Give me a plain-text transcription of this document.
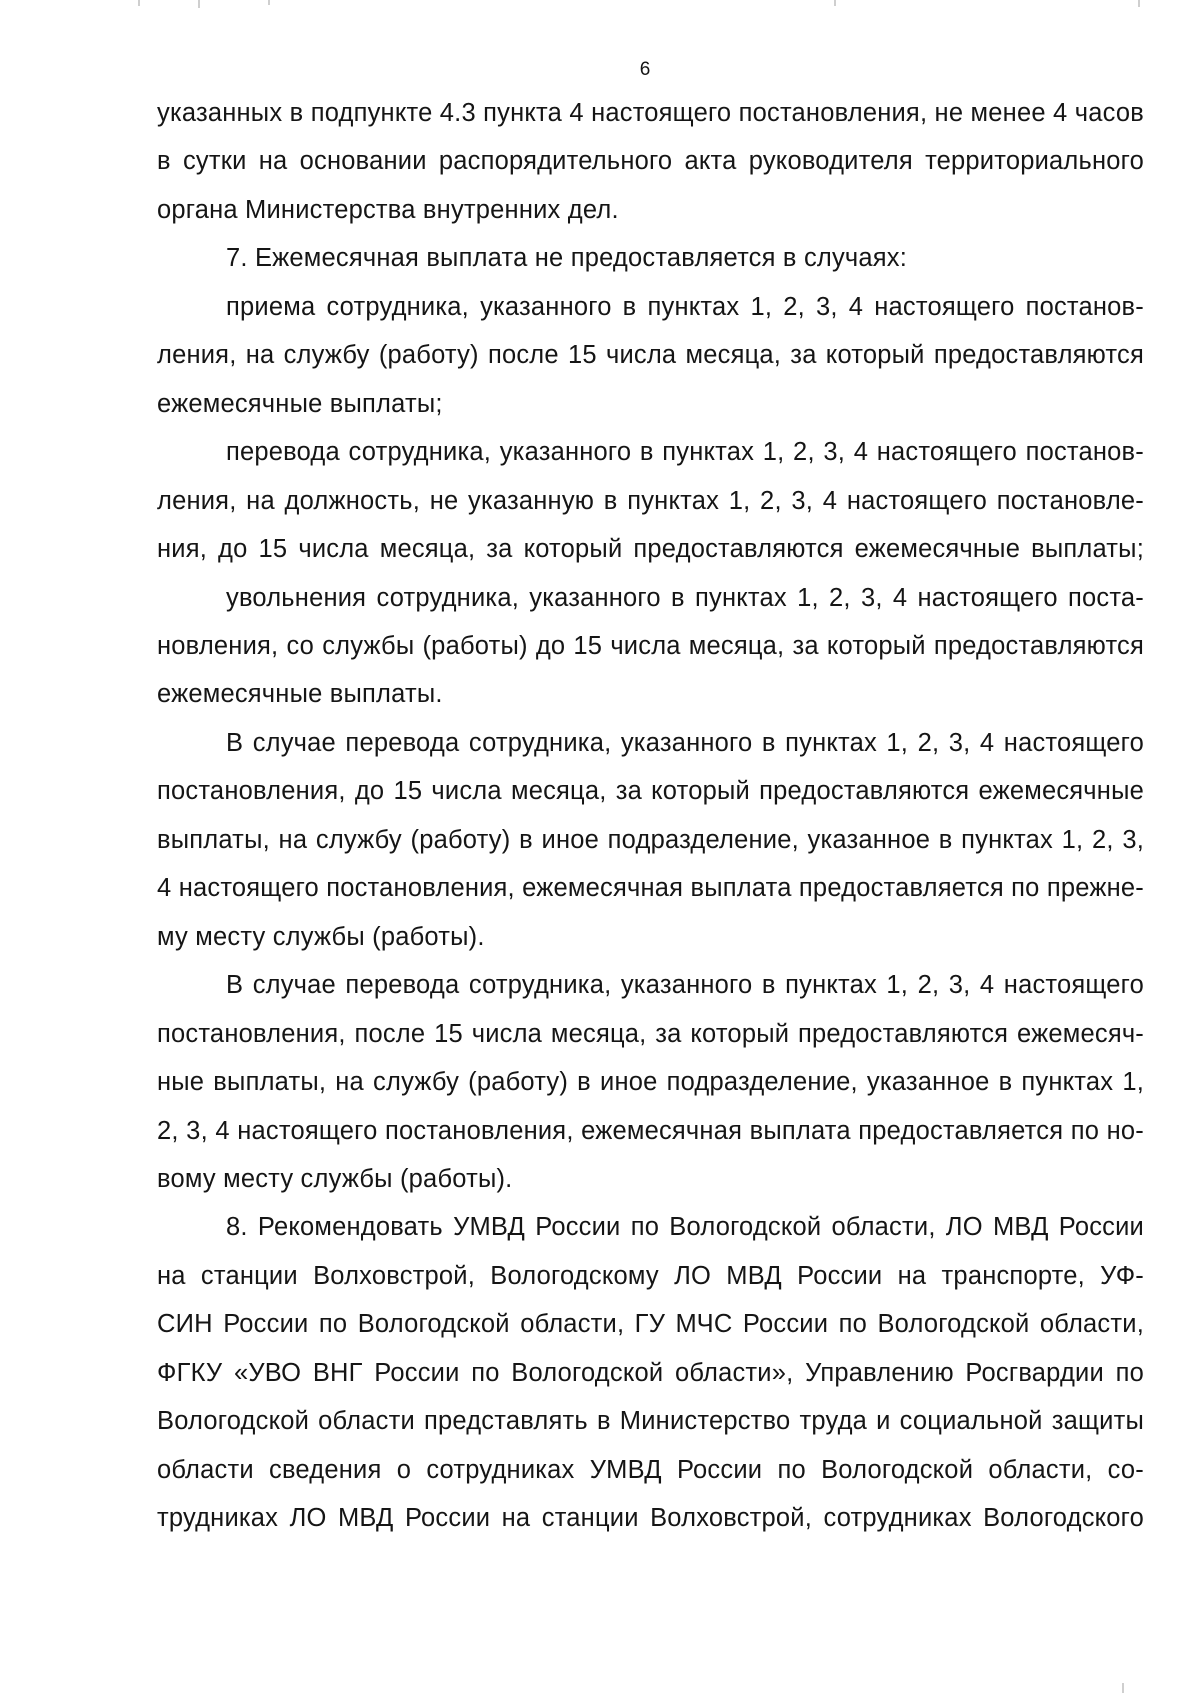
6
указанных в подпункте 4.3 пункта 4 настоящего постановления, не менее 4 часов
в сутки на основании распорядительного акта руководителя территориального
органа Министерства внутренних дел.
7. Ежемесячная выплата не предоставляется в случаях:
приема сотрудника, указанного в пунктах 1, 2, 3, 4 настоящего постанов-
ления, на службу (работу) после 15 числа месяца, за который предоставляются
ежемесячные выплаты;
перевода сотрудника, указанного в пунктах 1, 2, 3, 4 настоящего постанов-
ления, на должность, не указанную в пунктах 1, 2, 3, 4 настоящего постановле-
ния, до 15 числа месяца, за который предоставляются ежемесячные выплаты;
увольнения сотрудника, указанного в пунктах 1, 2, 3, 4 настоящего поста-
новления, со службы (работы) до 15 числа месяца, за который предоставляются
ежемесячные выплаты.
В случае перевода сотрудника, указанного в пунктах 1, 2, 3, 4 настоящего
постановления, до 15 числа месяца, за который предоставляются ежемесячные
выплаты, на службу (работу) в иное подразделение, указанное в пунктах 1, 2, 3,
4 настоящего постановления, ежемесячная выплата предоставляется по прежне-
му месту службы (работы).
В случае перевода сотрудника, указанного в пунктах 1, 2, 3, 4 настоящего
постановления, после 15 числа месяца, за который предоставляются ежемесяч-
ные выплаты, на службу (работу) в иное подразделение, указанное в пунктах 1,
2, 3, 4 настоящего постановления, ежемесячная выплата предоставляется по но-
вому месту службы (работы).
8. Рекомендовать УМВД России по Вологодской области, ЛО МВД России
на станции Волховстрой, Вологодскому ЛО МВД России на транспорте, УФ-
СИН России по Вологодской области, ГУ МЧС России по Вологодской области,
ФГКУ «УВО ВНГ России по Вологодской области», Управлению Росгвардии по
Вологодской области представлять в Министерство труда и социальной защиты
области сведения о сотрудниках УМВД России по Вологодской области, со-
трудниках ЛО МВД России на станции Волховстрой, сотрудниках Вологодского
